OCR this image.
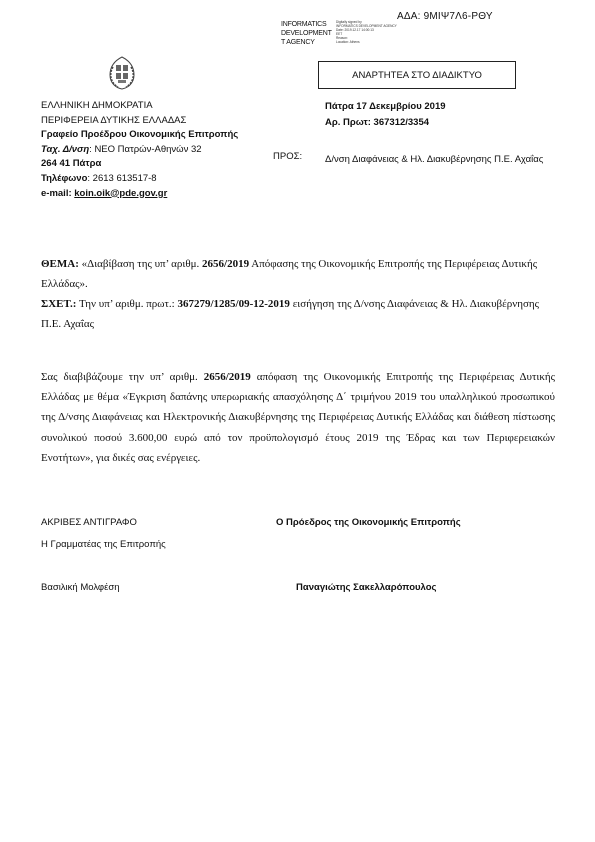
ΑΔΑ: 9ΜΙΨ7Λ6-ΡΘΥ
INFORMATICS
DEVELOPMENT
T AGENCY
Digitally signed by
INFORMATICS DEVELOPMENT AGENCY
Date: 2019.12.17 14:00:13
EET
Reason:
Location: Athens
ΑΝΑΡΤΗΤΕΑ ΣΤΟ ΔΙΑΔΙΚΤΥΟ
ΕΛΛΗΝΙΚΗ ΔΗΜΟΚΡΑΤΙΑ
ΠΕΡΙΦΕΡΕΙΑ ΔΥΤΙΚΗΣ ΕΛΛΑΔΑΣ
Γραφείο Προέδρου Οικονομικής Επιτροπής
Ταχ. Δ/νση: ΝΕΟ Πατρών-Αθηνών 32
264 41 Πάτρα
Τηλέφωνο: 2613 613517-8
e-mail: koin.oik@pde.gov.gr
Πάτρα 17 Δεκεμβρίου 2019
Αρ. Πρωτ: 367312/3354
ΠΡΟΣ: Δ/νση Διαφάνειας & Ηλ. Διακυβέρνησης Π.Ε. Αχαΐας
ΘΕΜΑ: «Διαβίβαση της υπ’ αριθμ. 2656/2019 Απόφασης της Οικονομικής Επιτροπής της Περιφέρειας Δυτικής Ελλάδας».
ΣΧΕΤ.: Την υπ’ αριθμ. πρωτ.: 367279/1285/09-12-2019 εισήγηση της Δ/νσης Διαφάνειας & Ηλ. Διακυβέρνησης Π.Ε. Αχαΐας
Σας διαβιβάζουμε την υπ’ αριθμ. 2656/2019 απόφαση της Οικονομικής Επιτροπής της Περιφέρειας Δυτικής Ελλάδας με θέμα «Έγκριση δαπάνης υπερωριακής απασχόλησης Δ΄ τριμήνου 2019 του υπαλληλικού προσωπικού της Δ/νσης Διαφάνειας και Ηλεκτρονικής Διακυβέρνησης της Περιφέρειας Δυτικής Ελλάδας και διάθεση πίστωσης συνολικού ποσού 3.600,00 ευρώ από τον προϋπολογισμό έτους 2019 της Έδρας και των Περιφερειακών Ενοτήτων», για δικές σας ενέργειες.
ΑΚΡΙΒΕΣ ΑΝΤΙΓΡΑΦΟ	Ο Πρόεδρος της Οικονομικής Επιτροπής
Η Γραμματέας της Επιτροπής
Βασιλική Μολφέση	Παναγιώτης Σακελλαρόπουλος
